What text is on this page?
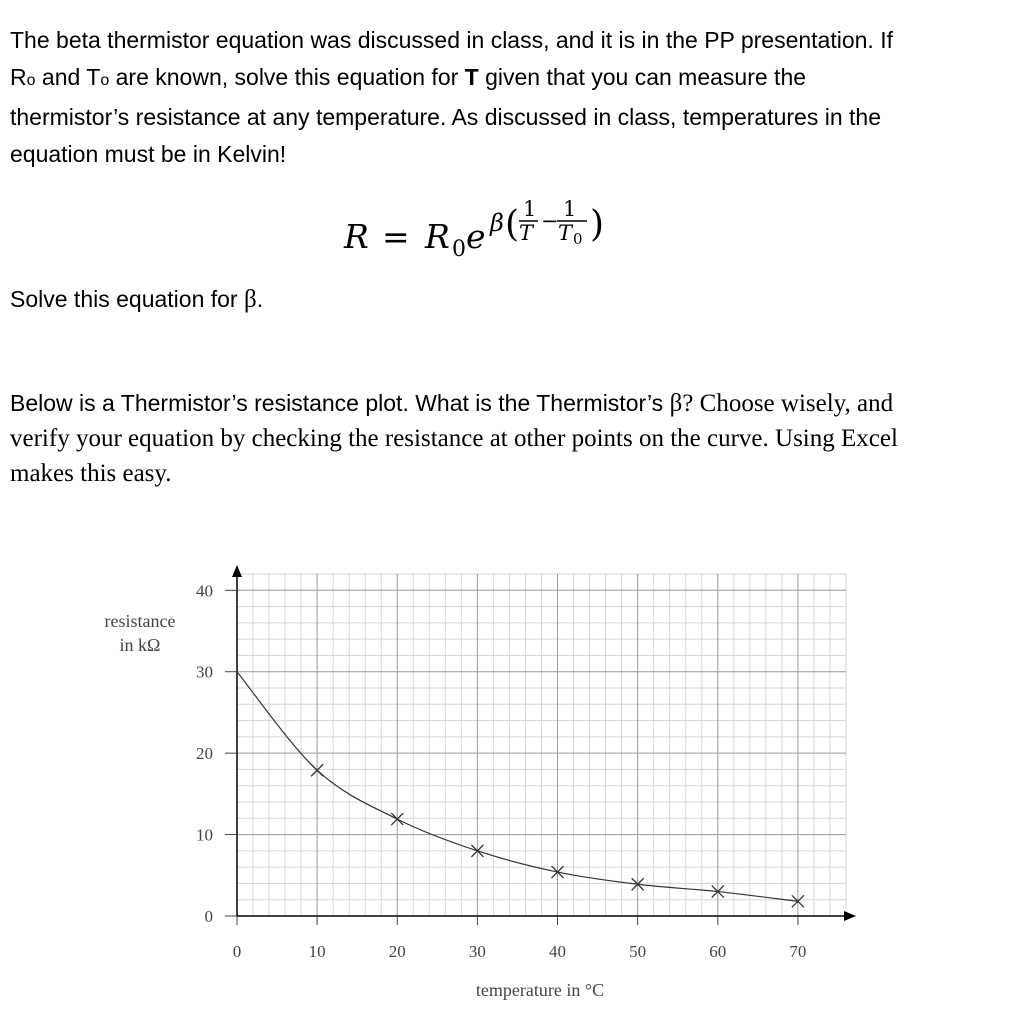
The beta thermistor equation was discussed in class, and it is in the PP presentation. If
Ro and To are known, solve this equation for T given that you can measure the
thermistor’s resistance at any temperature. As discussed in class, temperatures in the
equation must be in Kelvin!
R = R 0 e β ( 1
T − 1
T 0 )
Solve this equation for β.
Below is a Thermistor’s resistance plot. What is the Thermistor’s β? Choose wisely, and
verify your equation by checking the resistance at other points on the curve. Using Excel
makes this easy.
0	10	20	30	40	50	60	70
0
10
20
30
40
resistance
in kΩ
temperature in °C
